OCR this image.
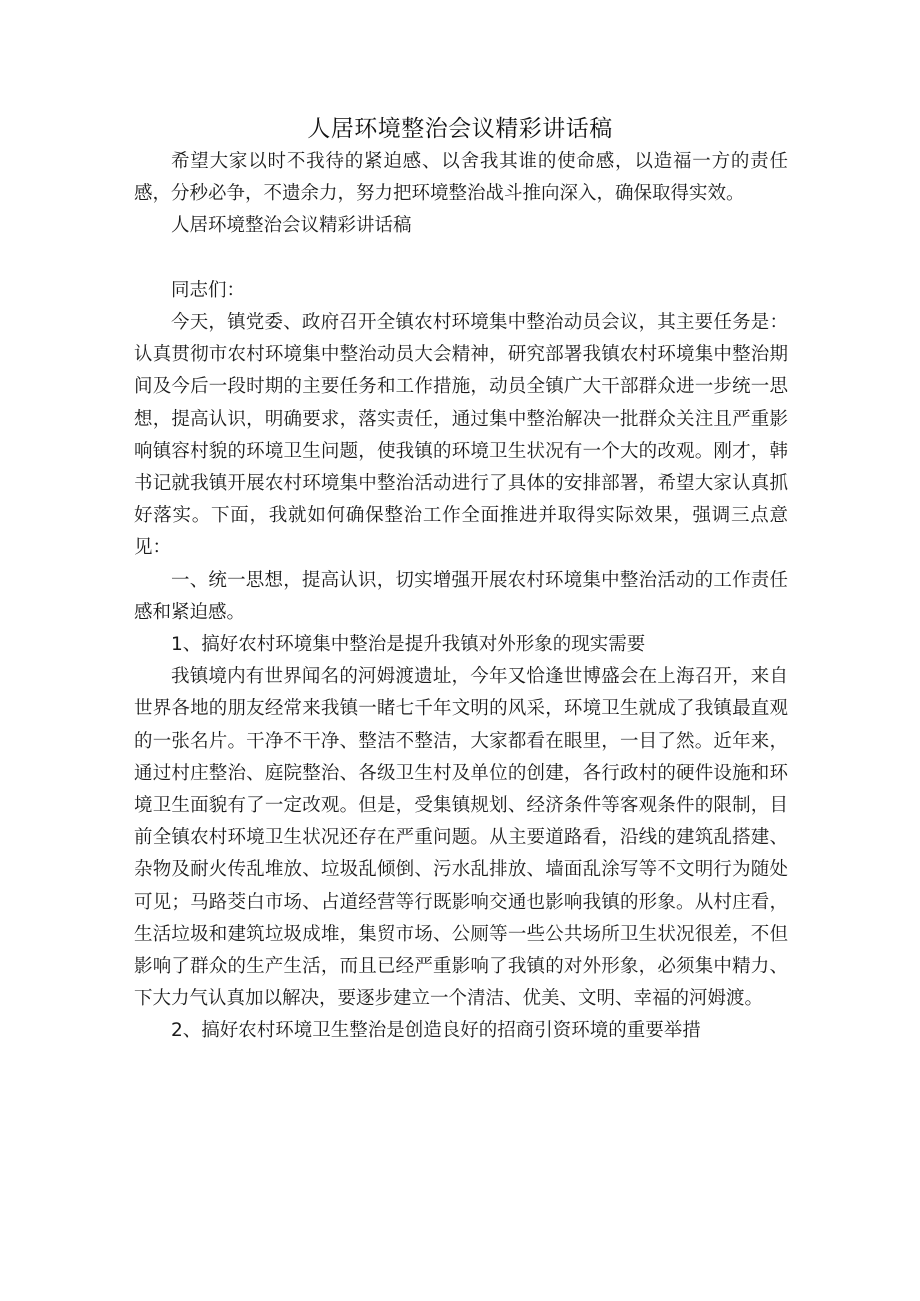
人居环境整治会议精彩讲话稿

希望大家以时不我待的紧迫感、以舍我其谁的使命感，以造福一方的责任感，分秒必争，不遗余力，努力把环境整治战斗推向深入，确保取得实效。

人居环境整治会议精彩讲话稿

同志们：

今天，镇党委、政府召开全镇农村环境集中整治动员会议，其主要任务是：认真贯彻市农村环境集中整治动员大会精神，研究部署我镇农村环境集中整治期间及今后一段时期的主要任务和工作措施，动员全镇广大干部群众进一步统一思想，提高认识，明确要求，落实责任，通过集中整治解决一批群众关注且严重影响镇容村貌的环境卫生问题，使我镇的环境卫生状况有一个大的改观。刚才，韩书记就我镇开展农村环境集中整治活动进行了具体的安排部署，希望大家认真抓好落实。下面，我就如何确保整治工作全面推进并取得实际效果，强调三点意见：

一、统一思想，提高认识，切实增强开展农村环境集中整治活动的工作责任感和紧迫感。

1、搞好农村环境集中整治是提升我镇对外形象的现实需要

我镇境内有世界闻名的河姆渡遗址，今年又恰逢世博盛会在上海召开，来自世界各地的朋友经常来我镇一睹七千年文明的风采，环境卫生就成了我镇最直观的一张名片。干净不干净、整洁不整洁，大家都看在眼里，一目了然。近年来，通过村庄整治、庭院整治、各级卫生村及单位的创建，各行政村的硬件设施和环境卫生面貌有了一定改观。但是，受集镇规划、经济条件等客观条件的限制，目前全镇农村环境卫生状况还存在严重问题。从主要道路看，沿线的建筑乱搭建、杂物及耐火传乱堆放、垃圾乱倾倒、污水乱排放、墙面乱涂写等不文明行为随处可见；马路茭白市场、占道经营等行既影响交通也影响我镇的形象。从村庄看，生活垃圾和建筑垃圾成堆，集贸市场、公厕等一些公共场所卫生状况很差，不但影响了群众的生产生活，而且已经严重影响了我镇的对外形象，必须集中精力、下大力气认真加以解决，要逐步建立一个清洁、优美、文明、幸福的河姆渡。

2、搞好农村环境卫生整治是创造良好的招商引资环境的重要举措
